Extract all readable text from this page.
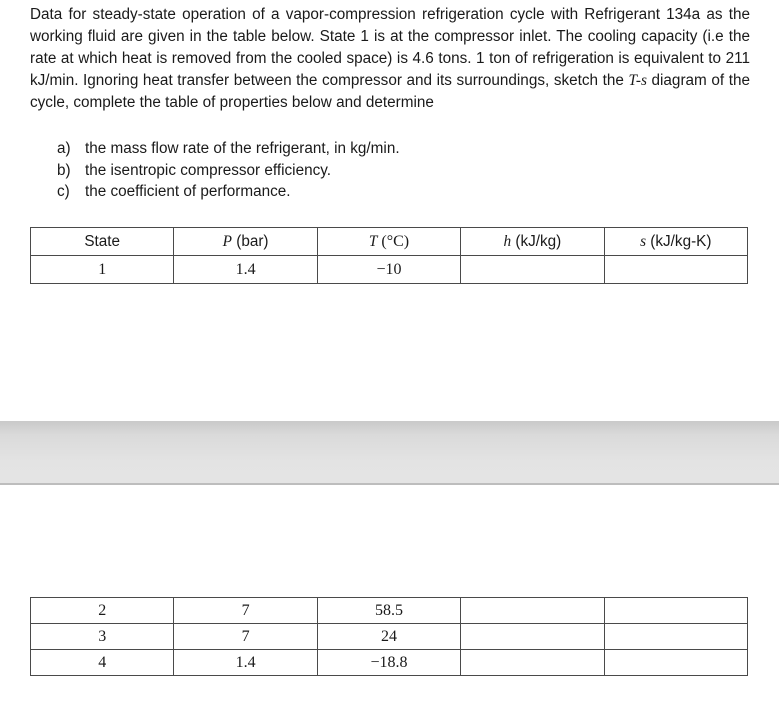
Data for steady-state operation of a vapor-compression refrigeration cycle with Refrigerant 134a as the working fluid are given in the table below. State 1 is at the compressor inlet. The cooling capacity (i.e the rate at which heat is removed from the cooled space) is 4.6 tons. 1 ton of refrigeration is equivalent to 211 kJ/min. Ignoring heat transfer between the compressor and its surroundings, sketch the T-s diagram of the cycle, complete the table of properties below and determine

a) the mass flow rate of the refrigerant, in kg/min.
b) the isentropic compressor efficiency.
c) the coefficient of performance.
State	P (bar)	T (°C)	h (kJ/kg)	s (kJ/kg-K)
1	1.4	−10		
2	7	58.5		
3	7	24		
4	1.4	−18.8		
